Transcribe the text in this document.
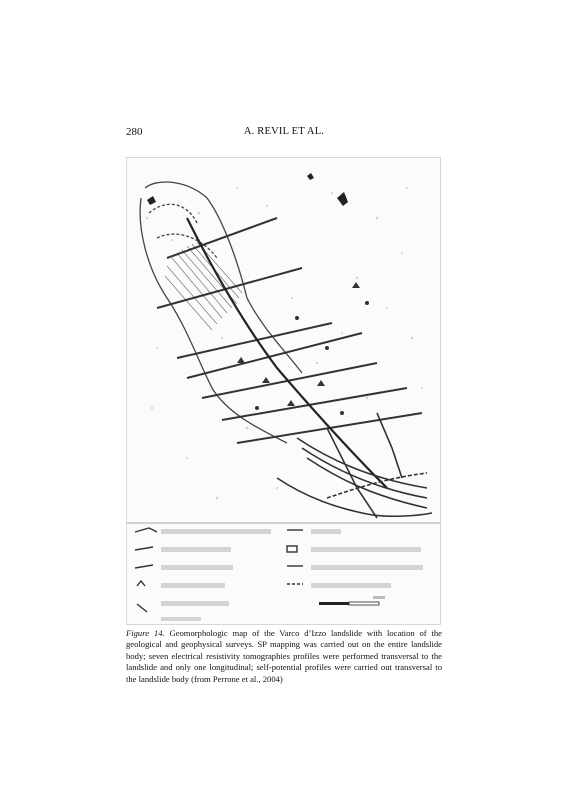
280	A. REVIL ET AL.
Figure 14. Geomorphologic map of the Varco d’Izzo landslide with location of the geological and geophysical surveys. SP mapping was carried out on the entire landslide body; seven electrical resistivity tomographies profiles were performed transversal to the landslide and only one longitudinal; self-potential profiles were carried out transversal to the landslide body (from Perrone et al., 2004)
